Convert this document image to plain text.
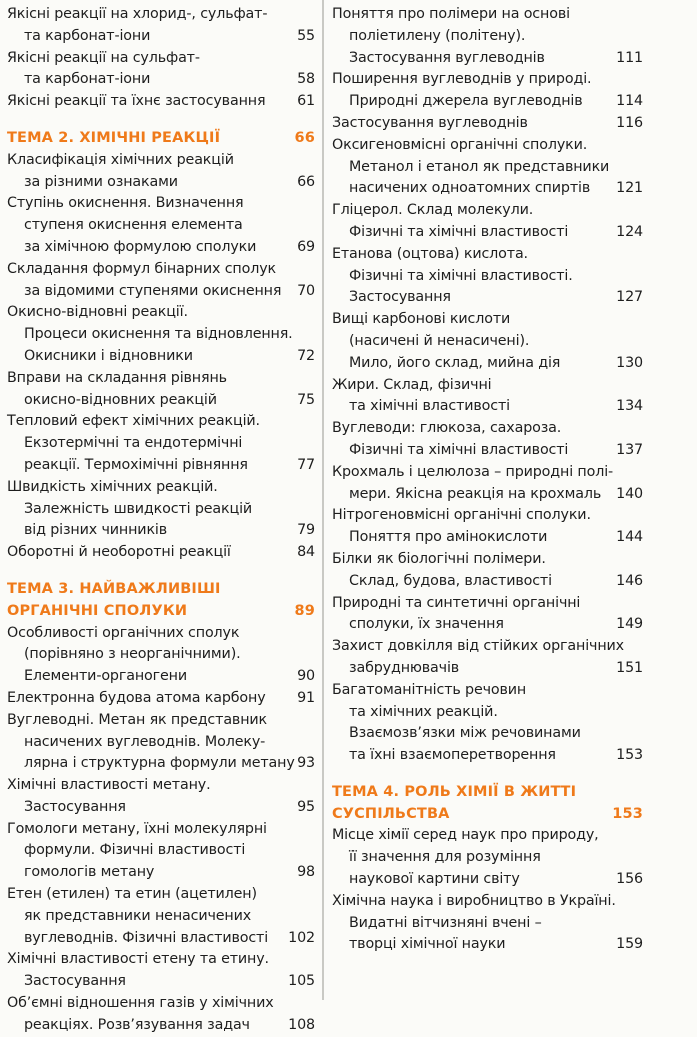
Якісні реакції на хлорид-, сульфат-
та карбонат-іони	55
Якісні реакції на сульфат-
та карбонат-іони	58
Якісні реакції та їхнє застосування 61
ТЕМА 2. ХІМІЧНІ РЕАКЦІЇ	66
Класифікація хімічних реакцій
за різними ознаками	66
Ступінь окиснення. Визначення
ступеня окиснення елемента
за хімічною формулою сполуки	69
Складання формул бінарних сполук
за відомими ступенями окиснення 70
Окисно-відновні реакції.
Процеси окиснення та відновлення.
Окисники і відновники	72
Вправи на складання рівнянь
окисно-відновних реакцій	75
Тепловий ефект хімічних реакцій.
Екзотермічні та ендотермічні
реакції. Термохімічні рівняння	77
Швидкість хімічних реакцій.
Залежність швидкості реакцій
від різних чинників	79
Оборотні й необоротні реакції	84
ТЕМА 3. НАЙВАЖЛИВІШІ
ОРГАНІЧНІ СПОЛУКИ	89
Особливості органічних сполук
(порівняно з неорганічними).
Елементи-органогени	90
Електронна будова атома карбону 91
Вуглеводні. Метан як представник
насичених вуглеводнів. Молеку-
лярна і структурна формули метану 93
Хімічні властивості метану.
Застосування	95
Гомологи метану, їхні молекулярні
формули. Фізичні властивості
гомологів метану	98
Етен (етилен) та етин (ацетилен)
як представники ненасичених
вуглеводнів. Фізичні властивості 102
Хімічні властивості етену та етину.
Застосування	105
Об’ємні відношення газів у хімічних
реакціях. Розв’язування задач	108
Поняття про полімери на основі
поліетилену (політену).
Застосування вуглеводнів	111
Поширення вуглеводнів у природі.
Природні джерела вуглеводнів 114
Застосування вуглеводнів	116
Оксигеновмісні органічні сполуки.
Метанол і етанол як представники
насичених одноатомних спиртів 121
Гліцерол. Склад молекули.
Фізичні та хімічні властивості	124
Етанова (оцтова) кислота.
Фізичні та хімічні властивості.
Застосування	127
Вищі карбонові кислоти
(насичені й ненасичені).
Мило, його склад, мийна дія	130
Жири. Склад, фізичні
та хімічні властивості	134
Вуглеводи: глюкоза, сахароза.
Фізичні та хімічні властивості	137
Крохмаль і целюлоза – природні полі-
мери. Якісна реакція на крохмаль 140
Нітрогеновмісні органічні сполуки.
Поняття про амінокислоти	144
Білки як біологічні полімери.
Склад, будова, властивості	146
Природні та синтетичні органічні
сполуки, їх значення	149
Захист довкілля від стійких органічних
забруднювачів	151
Багатоманітність речовин
та хімічних реакцій.
Взаємозв’язки між речовинами
та їхні взаємоперетворення	153
ТЕМА 4. РОЛЬ ХІМІЇ В ЖИТТІ
СУСПІЛЬСТВА	153
Місце хімії серед наук про природу,
її значення для розуміння
наукової картини світу	156
Хімічна наука і виробництво в Україні.
Видатні вітчизняні вчені –
творці хімічної науки	159
